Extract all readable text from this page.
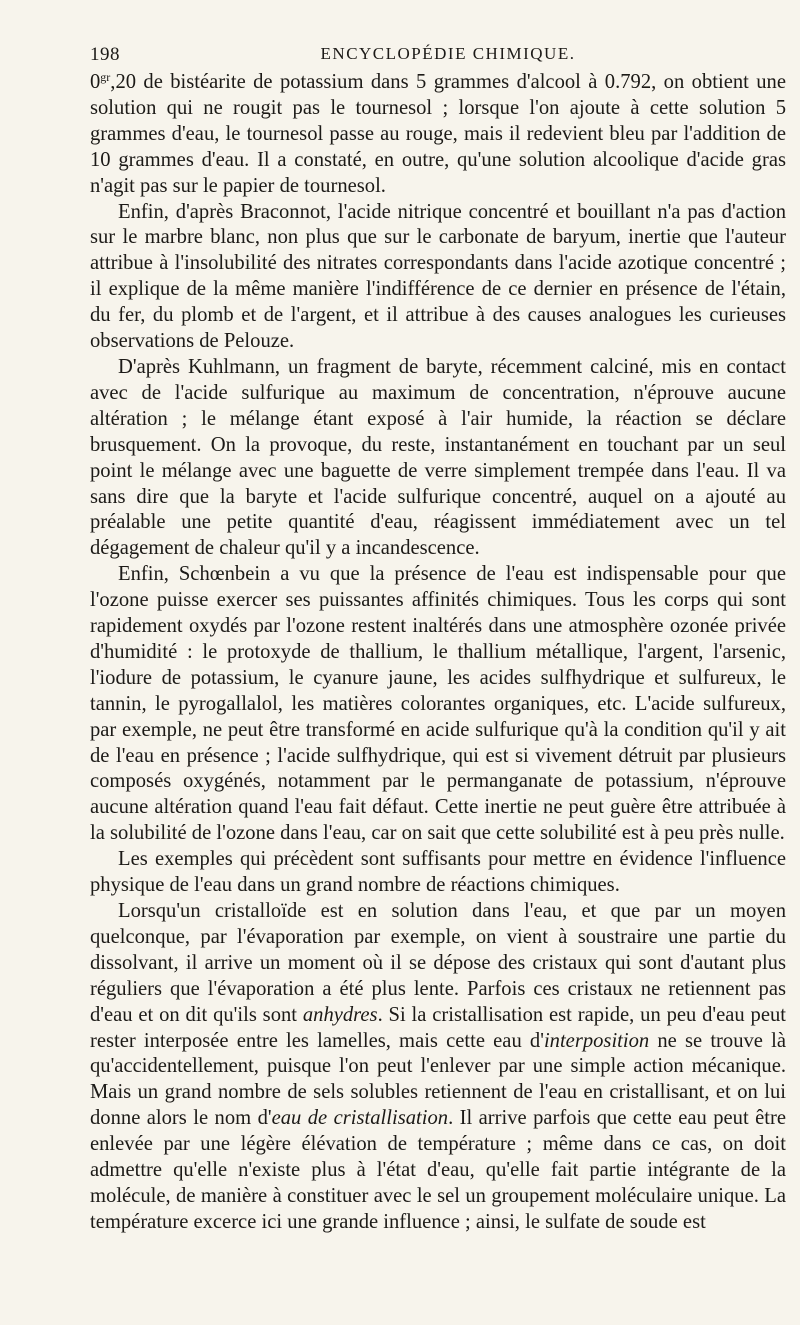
198	ENCYCLOPÉDIE CHIMIQUE.

$0^{gr},20$ de bistéarite de potassium dans 5 grammes d'alcool à 0.792, on obtient une solution qui ne rougit pas le tournesol ; lorsque l'on ajoute à cette solution 5 grammes d'eau, le tournesol passe au rouge, mais il redevient bleu par l'addition de 10 grammes d'eau. Il a constaté, en outre, qu'une solution alcoolique d'acide gras n'agit pas sur le papier de tournesol.

Enfin, d'après Braconnot, l'acide nitrique concentré et bouillant n'a pas d'action sur le marbre blanc, non plus que sur le carbonate de baryum, inertie que l'auteur attribue à l'insolubilité des nitrates correspondants dans l'acide azotique concentré ; il explique de la même manière l'indifférence de ce dernier en présence de l'étain, du fer, du plomb et de l'argent, et il attribue à des causes analogues les curieuses observations de Pelouze.

D'après Kuhlmann, un fragment de baryte, récemment calciné, mis en contact avec de l'acide sulfurique au maximum de concentration, n'éprouve aucune altération ; le mélange étant exposé à l'air humide, la réaction se déclare brusquement. On la provoque, du reste, instantanément en touchant par un seul point le mélange avec une baguette de verre simplement trempée dans l'eau. Il va sans dire que la baryte et l'acide sulfurique concentré, auquel on a ajouté au préalable une petite quantité d'eau, réagissent immédiatement avec un tel dégagement de chaleur qu'il y a incandescence.

Enfin, Schœnbein a vu que la présence de l'eau est indispensable pour que l'ozone puisse exercer ses puissantes affinités chimiques. Tous les corps qui sont rapidement oxydés par l'ozone restent inaltérés dans une atmosphère ozonée privée d'humidité : le protoxyde de thallium, le thallium métallique, l'argent, l'arsenic, l'iodure de potassium, le cyanure jaune, les acides sulfhydrique et sulfureux, le tannin, le pyrogallalol, les matières colorantes organiques, etc. L'acide sulfureux, par exemple, ne peut être transformé en acide sulfurique qu'à la condition qu'il y ait de l'eau en présence ; l'acide sulfhydrique, qui est si vivement détruit par plusieurs composés oxygénés, notamment par le permanganate de potassium, n'éprouve aucune altération quand l'eau fait défaut. Cette inertie ne peut guère être attribuée à la solubilité de l'ozone dans l'eau, car on sait que cette solubilité est à peu près nulle.

Les exemples qui précèdent sont suffisants pour mettre en évidence l'influence physique de l'eau dans un grand nombre de réactions chimiques.

Lorsqu'un cristalloïde est en solution dans l'eau, et que par un moyen quelconque, par l'évaporation par exemple, on vient à soustraire une partie du dissolvant, il arrive un moment où il se dépose des cristaux qui sont d'autant plus réguliers que l'évaporation a été plus lente. Parfois ces cristaux ne retiennent pas d'eau et on dit qu'ils sont anhydres. Si la cristallisation est rapide, un peu d'eau peut rester interposée entre les lamelles, mais cette eau d'interposition ne se trouve là qu'accidentellement, puisque l'on peut l'enlever par une simple action mécanique. Mais un grand nombre de sels solubles retiennent de l'eau en cristallisant, et on lui donne alors le nom d'eau de cristallisation. Il arrive parfois que cette eau peut être enlevée par une légère élévation de température ; même dans ce cas, on doit admettre qu'elle n'existe plus à l'état d'eau, qu'elle fait partie intégrante de la molécule, de manière à constituer avec le sel un groupement moléculaire unique. La température excerce ici une grande influence ; ainsi, le sulfate de soude est
